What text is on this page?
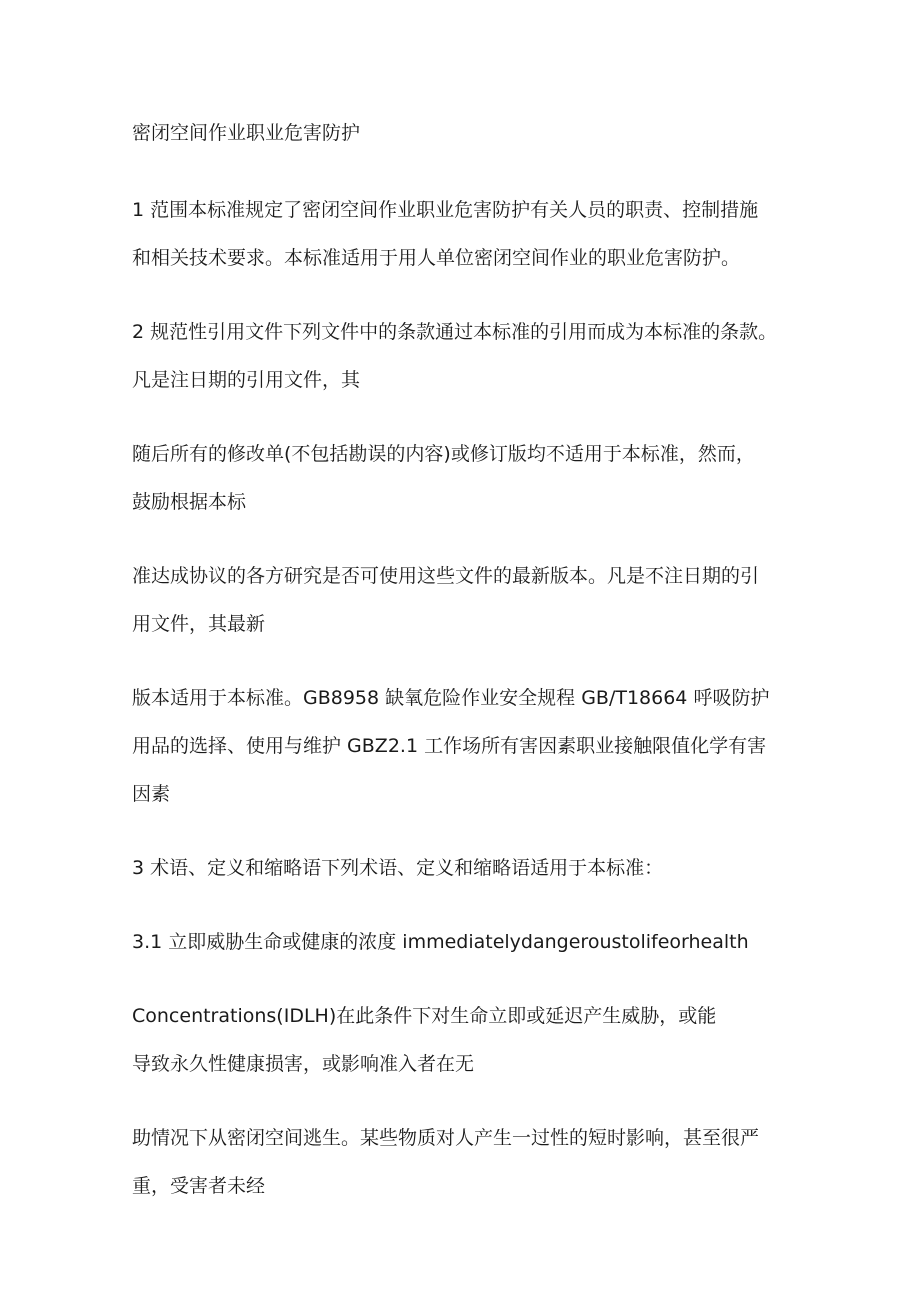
密闭空间作业职业危害防护
1 范围本标准规定了密闭空间作业职业危害防护有关人员的职责、控制措施
和相关技术要求。本标准适用于用人单位密闭空间作业的职业危害防护。
2 规范性引用文件下列文件中的条款通过本标准的引用而成为本标准的条款。
凡是注日期的引用文件，其
随后所有的修改单(不包括勘误的内容)或修订版均不适用于本标准，然而，
鼓励根据本标
准达成协议的各方研究是否可使用这些文件的最新版本。凡是不注日期的引
用文件，其最新
版本适用于本标准。GB8958 缺氧危险作业安全规程 GB/T18664 呼吸防护
用品的选择、使用与维护 GBZ2.1 工作场所有害因素职业接触限值化学有害
因素
3 术语、定义和缩略语下列术语、定义和缩略语适用于本标准：
3.1 立即威胁生命或健康的浓度 immediatelydangeroustolifeorhealth
Concentrations(IDLH)在此条件下对生命立即或延迟产生威胁，或能
导致永久性健康损害，或影响准入者在无
助情况下从密闭空间逃生。某些物质对人产生一过性的短时影响，甚至很严
重，受害者未经
